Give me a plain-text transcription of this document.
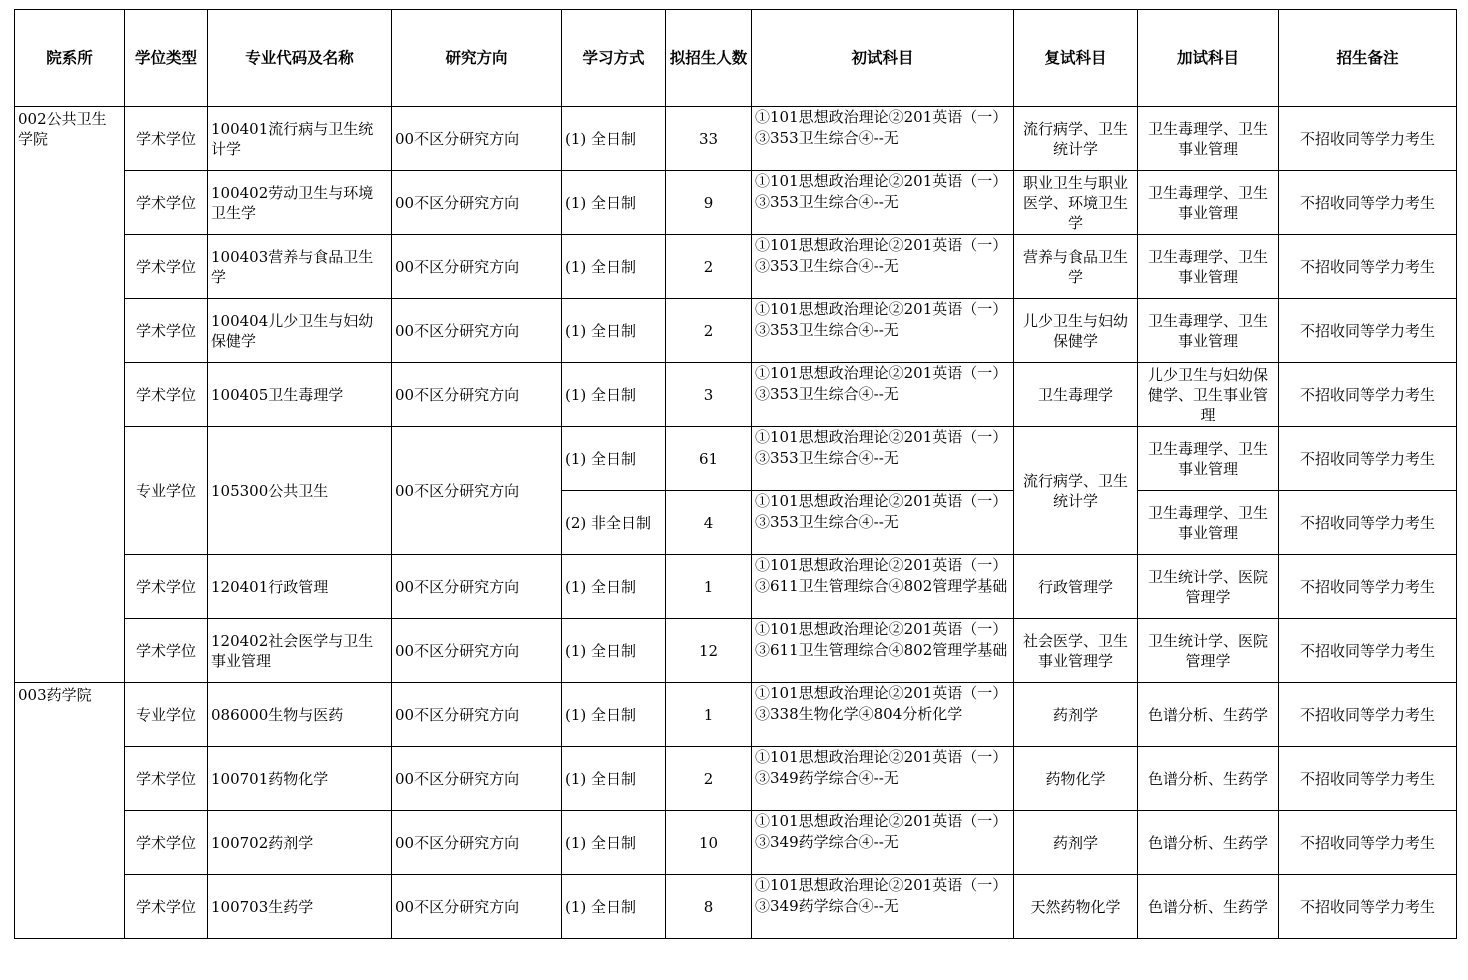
院系所	学位类型	专业代码及名称	研究方向	学习方式	拟招生人数	初试科目	复试科目	加试科目	招生备注
002公共卫生学院	学术学位	100401流行病与卫生统计学	00不区分研究方向	(1) 全日制	33	①101思想政治理论②201英语（一）③353卫生综合④--无	流行病学、卫生统计学	卫生毒理学、卫生事业管理	不招收同等学力考生
	学术学位	100402劳动卫生与环境卫生学	00不区分研究方向	(1) 全日制	9	①101思想政治理论②201英语（一）③353卫生综合④--无	职业卫生与职业医学、环境卫生学	卫生毒理学、卫生事业管理	不招收同等学力考生
	学术学位	100403营养与食品卫生学	00不区分研究方向	(1) 全日制	2	①101思想政治理论②201英语（一）③353卫生综合④--无	营养与食品卫生学	卫生毒理学、卫生事业管理	不招收同等学力考生
	学术学位	100404儿少卫生与妇幼保健学	00不区分研究方向	(1) 全日制	2	①101思想政治理论②201英语（一）③353卫生综合④--无	儿少卫生与妇幼保健学	卫生毒理学、卫生事业管理	不招收同等学力考生
	学术学位	100405卫生毒理学	00不区分研究方向	(1) 全日制	3	①101思想政治理论②201英语（一）③353卫生综合④--无	卫生毒理学	儿少卫生与妇幼保健学、卫生事业管理	不招收同等学力考生
	专业学位	105300公共卫生	00不区分研究方向	(1) 全日制	61	①101思想政治理论②201英语（一）③353卫生综合④--无	流行病学、卫生统计学	卫生毒理学、卫生事业管理	不招收同等学力考生
				(2) 非全日制	4	①101思想政治理论②201英语（一）③353卫生综合④--无		卫生毒理学、卫生事业管理	不招收同等学力考生
	学术学位	120401行政管理	00不区分研究方向	(1) 全日制	1	①101思想政治理论②201英语（一）③611卫生管理综合④802管理学基础	行政管理学	卫生统计学、医院管理学	不招收同等学力考生
	学术学位	120402社会医学与卫生事业管理	00不区分研究方向	(1) 全日制	12	①101思想政治理论②201英语（一）③611卫生管理综合④802管理学基础	社会医学、卫生事业管理学	卫生统计学、医院管理学	不招收同等学力考生
003药学院	专业学位	086000生物与医药	00不区分研究方向	(1) 全日制	1	①101思想政治理论②201英语（一）③338生物化学④804分析化学	药剂学	色谱分析、生药学	不招收同等学力考生
	学术学位	100701药物化学	00不区分研究方向	(1) 全日制	2	①101思想政治理论②201英语（一）③349药学综合④--无	药物化学	色谱分析、生药学	不招收同等学力考生
	学术学位	100702药剂学	00不区分研究方向	(1) 全日制	10	①101思想政治理论②201英语（一）③349药学综合④--无	药剂学	色谱分析、生药学	不招收同等学力考生
	学术学位	100703生药学	00不区分研究方向	(1) 全日制	8	①101思想政治理论②201英语（一）③349药学综合④--无	天然药物化学	色谱分析、生药学	不招收同等学力考生
